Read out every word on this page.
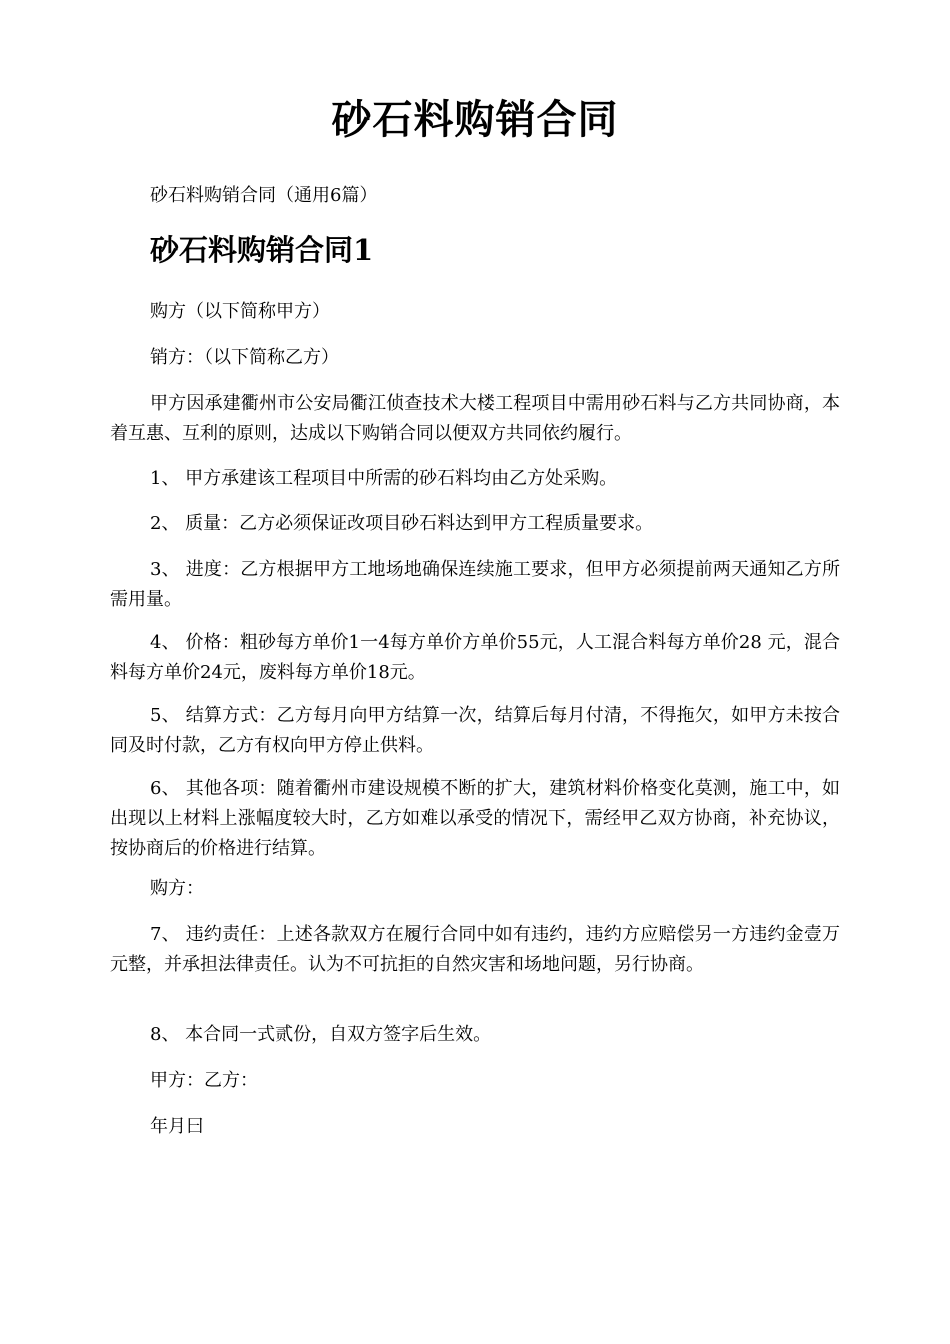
砂石料购销合同
砂石料购销合同（通用6篇）
砂石料购销合同1

购方（以下简称甲方）

销方：（以下简称乙方）

甲方因承建衢州市公安局衢江侦查技术大楼工程项目中需用砂石料与乙方共同协商，本着互惠、互利的原则，达成以下购销合同以便双方共同依约履行。

1、 甲方承建该工程项目中所需的砂石料均由乙方处采购。

2、 质量：乙方必须保证改项目砂石料达到甲方工程质量要求。

3、 进度：乙方根据甲方工地场地确保连续施工要求，但甲方必须提前两天通知乙方所需用量。

4、 价格：粗砂每方单价1一4每方单价方单价55元，人工混合料每方单价28 元，混合料每方单价24元，废料每方单价18元。

5、 结算方式：乙方每月向甲方结算一次，结算后每月付清，不得拖欠，如甲方未按合同及时付款，乙方有权向甲方停止供料。

6、 其他各项：随着衢州市建设规模不断的扩大，建筑材料价格变化莫测，施工中，如出现以上材料上涨幅度较大时，乙方如难以承受的情况下，需经甲乙双方协商，补充协议，按协商后的价格进行结算。

购方：

7、 违约责任：上述各款双方在履行合同中如有违约，违约方应赔偿另一方违约金壹万元整，并承担法律责任。认为不可抗拒的自然灾害和场地问题，另行协商。

8、 本合同一式贰份，自双方签字后生效。

甲方：乙方：

年月曰
